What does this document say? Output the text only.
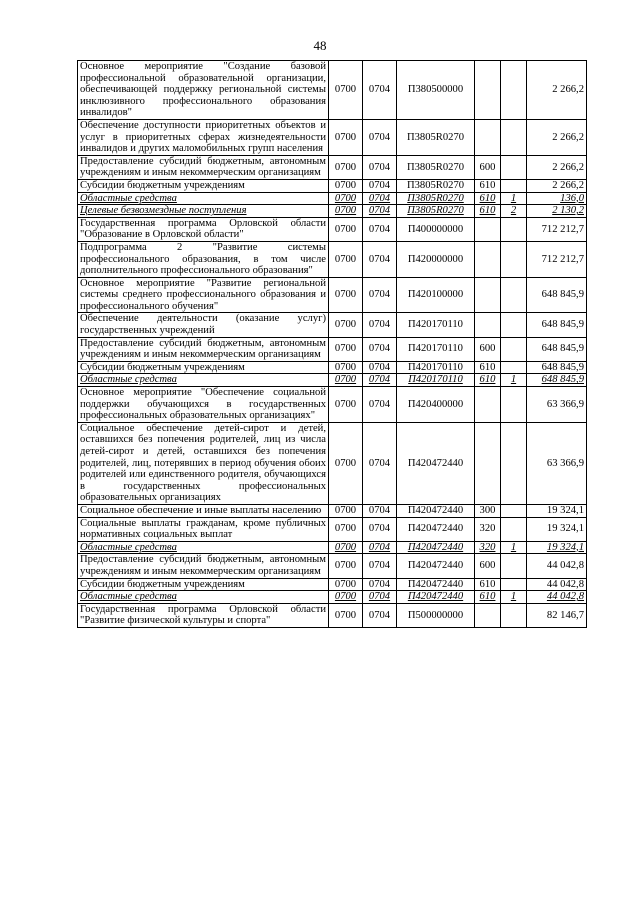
48
Основное мероприятие "Создание базовой профессиональной образовательной организации, обеспечивающей поддержку региональной системы инклюзивного профессионального образования инвалидов"	0700	0704	П380500000			2 266,2
Обеспечение доступности приоритетных объектов и услуг в приоритетных сферах жизнедеятельности инвалидов и других маломобильных групп населения	0700	0704	П3805R0270			2 266,2
Предоставление субсидий бюджетным, автономным учреждениям и иным некоммерческим организациям	0700	0704	П3805R0270	600		2 266,2
Субсидии бюджетным учреждениям	0700	0704	П3805R0270	610		2 266,2
Областные средства	0700	0704	П3805R0270	610	1	136,0
Целевые безвозмездные поступления	0700	0704	П3805R0270	610	2	2 130,2
Государственная программа Орловской области "Образование в Орловской области"	0700	0704	П400000000			712 212,7
Подпрограмма 2 "Развитие системы профессионального образования, в том числе дополнительного профессионального образования"	0700	0704	П420000000			712 212,7
Основное мероприятие "Развитие региональной системы среднего профессионального образования и профессионального обучения"	0700	0704	П420100000			648 845,9
Обеспечение деятельности (оказание услуг) государственных учреждений	0700	0704	П420170110			648 845,9
Предоставление субсидий бюджетным, автономным учреждениям и иным некоммерческим организациям	0700	0704	П420170110	600		648 845,9
Субсидии бюджетным учреждениям	0700	0704	П420170110	610		648 845,9
Областные средства	0700	0704	П420170110	610	1	648 845,9
Основное мероприятие "Обеспечение социальной поддержки обучающихся в государственных профессиональных образовательных организациях"	0700	0704	П420400000			63 366,9
Социальное обеспечение детей-сирот и детей, оставшихся без попечения родителей, лиц из числа детей-сирот и детей, оставшихся без попечения родителей, лиц, потерявших в период обучения обоих родителей или единственного родителя, обучающихся в государственных профессиональных образовательных организациях	0700	0704	П420472440			63 366,9
Социальное обеспечение и иные выплаты населению	0700	0704	П420472440	300		19 324,1
Социальные выплаты гражданам, кроме публичных нормативных социальных выплат	0700	0704	П420472440	320		19 324,1
Областные средства	0700	0704	П420472440	320	1	19 324,1
Предоставление субсидий бюджетным, автономным учреждениям и иным некоммерческим организациям	0700	0704	П420472440	600		44 042,8
Субсидии бюджетным учреждениям	0700	0704	П420472440	610		44 042,8
Областные средства	0700	0704	П420472440	610	1	44 042,8
Государственная программа Орловской области "Развитие физической культуры и спорта"	0700	0704	П500000000			82 146,7
